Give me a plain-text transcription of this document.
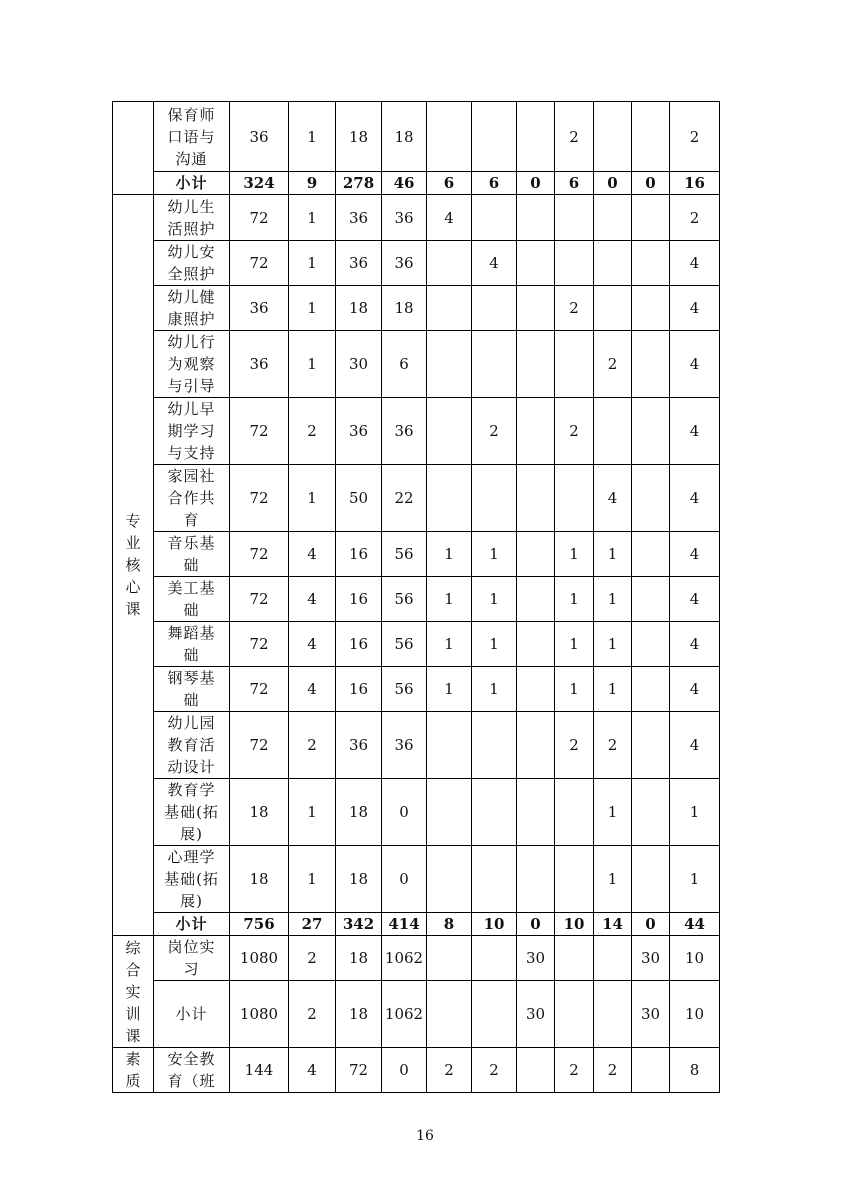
	保育师
口语与
沟通	36	1	18	18				2			2
	小计	324	9	278	46	6	6	0	6	0	0	16

专业核心课	幼儿生
活照护	72	1	36	36	4						2
	幼儿安
全照护	72	1	36	36		4					4
	幼儿健
康照护	36	1	18	18				2			4
	幼儿行
为观察
与引导	36	1	30	6					2		4
	幼儿早
期学习
与支持	72	2	36	36		2		2			4
	家园社
合作共
育	72	1	50	22					4		4
	音乐基
础	72	4	16	56	1	1		1	1		4
	美工基
础	72	4	16	56	1	1		1	1		4
	舞蹈基
础	72	4	16	56	1	1		1	1		4
	钢琴基
础	72	4	16	56	1	1		1	1		4
	幼儿园
教育活
动设计	72	2	36	36				2	2		4
	教育学
基础(拓
展)	18	1	18	0					1		1
	心理学
基础(拓
展)	18	1	18	0					1		1
	小计	756	27	342	414	8	10	0	10	14	0	44

综合实训课	岗位实
习	1080	2	18	1062			30			30	10
	小计	1080	2	18	1062			30			30	10

素质	安全教
育（班	144	4	72	0	2	2		2	2		8
16
